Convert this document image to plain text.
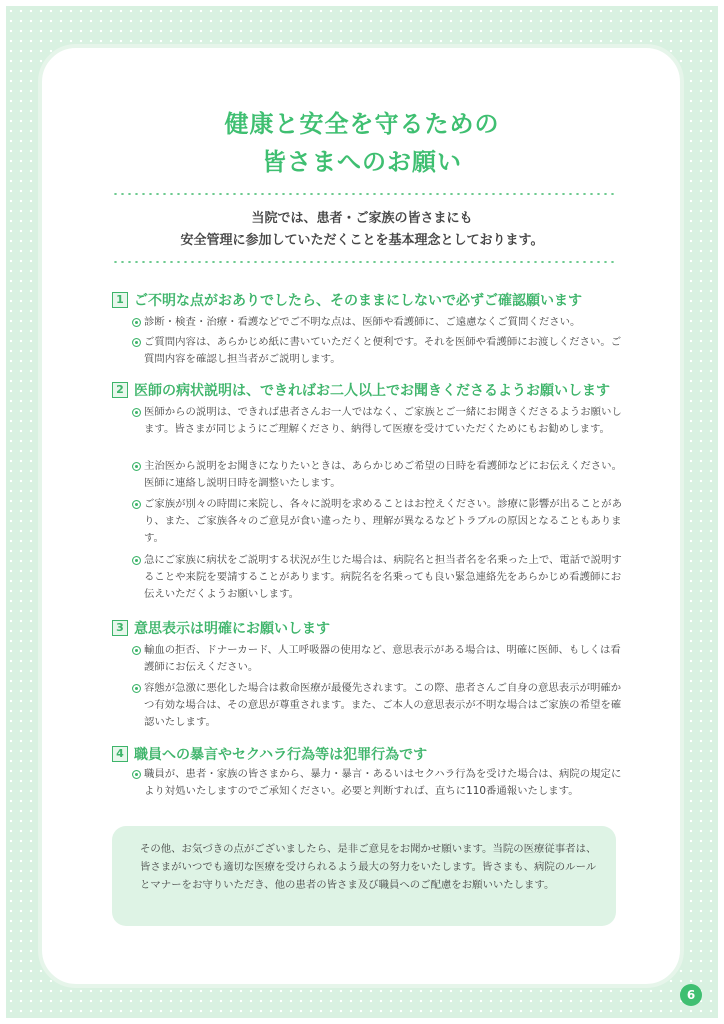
健康と安全を守るための
皆さまへのお願い
当院では、患者・ご家族の皆さまにも
安全管理に参加していただくことを基本理念としております。
1 ご不明な点がおありでしたら、そのままにしないで必ずご確認願います
診断・検査・治療・看護などでご不明な点は、医師や看護師に、ご遠慮なくご質問ください。
ご質問内容は、あらかじめ紙に書いていただくと便利です。それを医師や看護師にお渡しください。ご質問内容を確認し担当者がご説明します。
2 医師の病状説明は、できればお二人以上でお聞きくださるようお願いします
医師からの説明は、できれば患者さんお一人ではなく、ご家族とご一緒にお聞きくださるようお願いします。皆さまが同じようにご理解くださり、納得して医療を受けていただくためにもお勧めします。
主治医から説明をお聞きになりたいときは、あらかじめご希望の日時を看護師などにお伝えください。医師に連絡し説明日時を調整いたします。
ご家族が別々の時間に来院し、各々に説明を求めることはお控えください。診療に影響が出ることがあり、また、ご家族各々のご意見が食い違ったり、理解が異なるなどトラブルの原因となることもあります。
急にご家族に病状をご説明する状況が生じた場合は、病院名と担当者名を名乗った上で、電話で説明することや来院を要請することがあります。病院名を名乗っても良い緊急連絡先をあらかじめ看護師にお伝えいただくようお願いします。
3 意思表示は明確にお願いします
輸血の拒否、ドナーカード、人工呼吸器の使用など、意思表示がある場合は、明確に医師、もしくは看護師にお伝えください。
容態が急激に悪化した場合は救命医療が最優先されます。この際、患者さんご自身の意思表示が明確かつ有効な場合は、その意思が尊重されます。また、ご本人の意思表示が不明な場合はご家族の希望を確認いたします。
4 職員への暴言やセクハラ行為等は犯罪行為です
職員が、患者・家族の皆さまから、暴力・暴言・あるいはセクハラ行為を受けた場合は、病院の規定により対処いたしますのでご承知ください。必要と判断すれば、直ちに110番通報いたします。
その他、お気づきの点がございましたら、是非ご意見をお聞かせ願います。当院の医療従事者は、皆さまがいつでも適切な医療を受けられるよう最大の努力をいたします。皆さまも、病院のルールとマナーをお守りいただき、他の患者の皆さま及び職員へのご配慮をお願いいたします。
6
